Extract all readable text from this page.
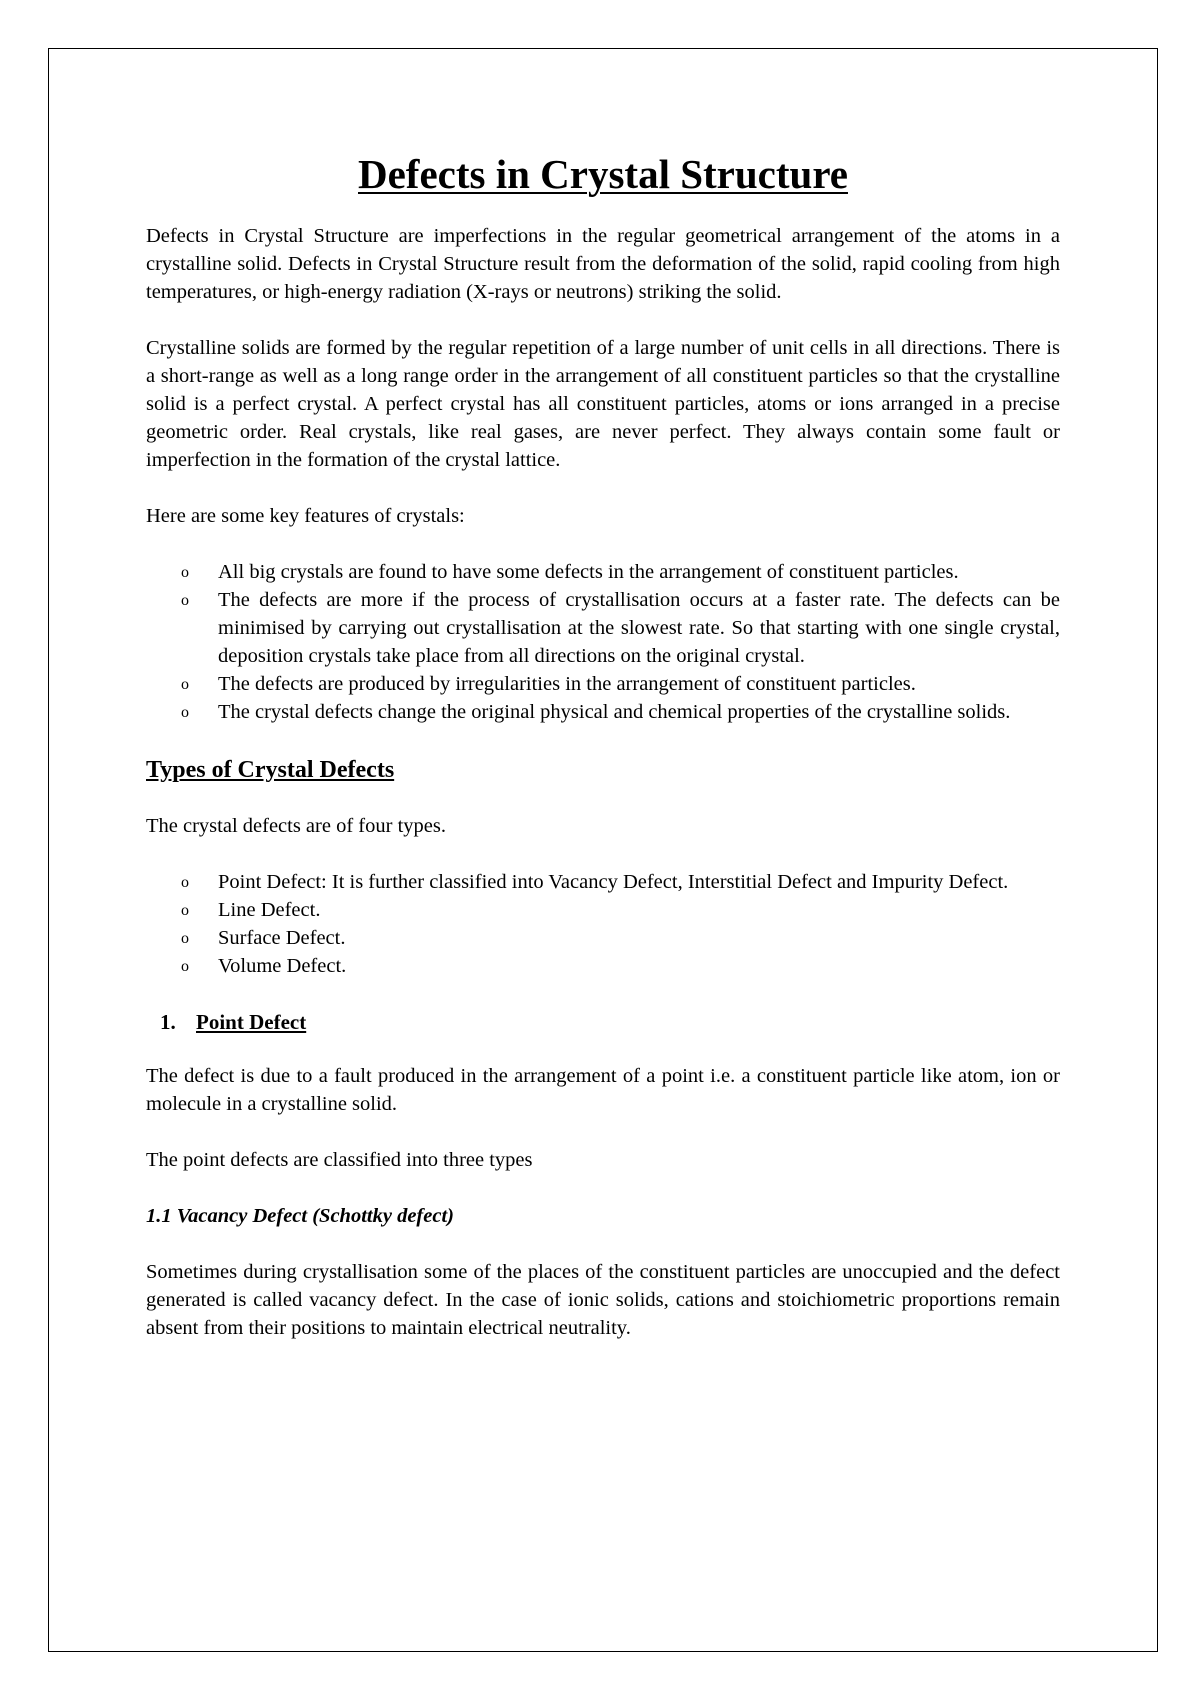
Defects in Crystal Structure

Defects in Crystal Structure are imperfections in the regular geometrical arrangement of the atoms in a crystalline solid. Defects in Crystal Structure result from the deformation of the solid, rapid cooling from high temperatures, or high-energy radiation (X-rays or neutrons) striking the solid.

Crystalline solids are formed by the regular repetition of a large number of unit cells in all directions. There is a short-range as well as a long range order in the arrangement of all constituent particles so that the crystalline solid is a perfect crystal. A perfect crystal has all constituent particles, atoms or ions arranged in a precise geometric order. Real crystals, like real gases, are never perfect. They always contain some fault or imperfection in the formation of the crystal lattice.

Here are some key features of crystals:

o All big crystals are found to have some defects in the arrangement of constituent particles.
o The defects are more if the process of crystallisation occurs at a faster rate. The defects can be minimised by carrying out crystallisation at the slowest rate. So that starting with one single crystal, deposition crystals take place from all directions on the original crystal.
o The defects are produced by irregularities in the arrangement of constituent particles.
o The crystal defects change the original physical and chemical properties of the crystalline solids.
Types of Crystal Defects

The crystal defects are of four types.

o Point Defect: It is further classified into Vacancy Defect, Interstitial Defect and Impurity Defect.
o Line Defect.
o Surface Defect.
o Volume Defect.
1. Point Defect

The defect is due to a fault produced in the arrangement of a point i.e. a constituent particle like atom, ion or molecule in a crystalline solid.

The point defects are classified into three types

1.1 Vacancy Defect (Schottky defect)

Sometimes during crystallisation some of the places of the constituent particles are unoccupied and the defect generated is called vacancy defect. In the case of ionic solids, cations and stoichiometric proportions remain absent from their positions to maintain electrical neutrality.
